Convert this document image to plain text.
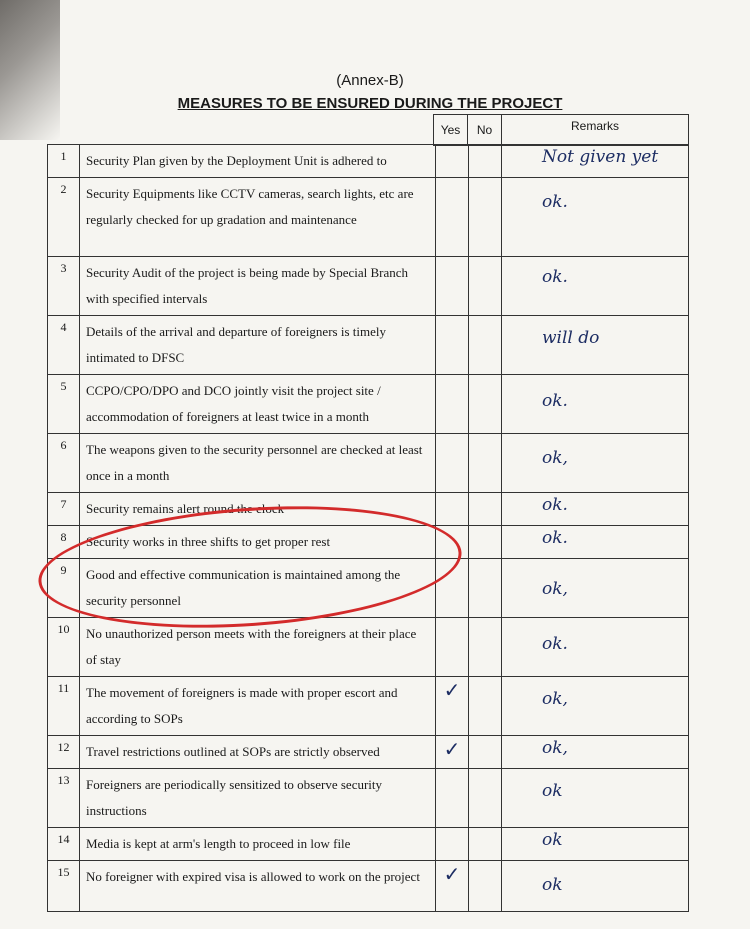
(Annex-B)
MEASURES TO BE ENSURED DURING THE PROJECT
Yes	No	Remarks
1	Security Plan given by the Deployment Unit is adhered to			Not given yet

2	Security Equipments like CCTV cameras, search lights, etc are regularly checked for up gradation and maintenance			ok.

3	Security Audit of the project is being made by Special Branch with specified intervals			ok.

4	Details of the arrival and departure of foreigners is timely intimated to DFSC			will do

5	CCPO/CPO/DPO and DCO jointly visit the project site / accommodation of foreigners at least twice in a month			ok.

6	The weapons given to the security personnel are checked at least once in a month			ok,

7	Security remains alert round the clock			ok.

8	Security works in three shifts to get proper rest			ok.

9	Good and effective communication is maintained among the security personnel			ok,

10	No unauthorized person meets with the foreigners at their place of stay			ok.

11	The movement of foreigners is made with proper escort and according to SOPs	✓		ok,

12	Travel restrictions outlined at SOPs are strictly observed	✓		ok,

13	Foreigners are periodically sensitized to observe security instructions			ok

14	Media is kept at arm's length to proceed in low file			ok

15	No foreigner with expired visa is allowed to work on the project	✓		ok
